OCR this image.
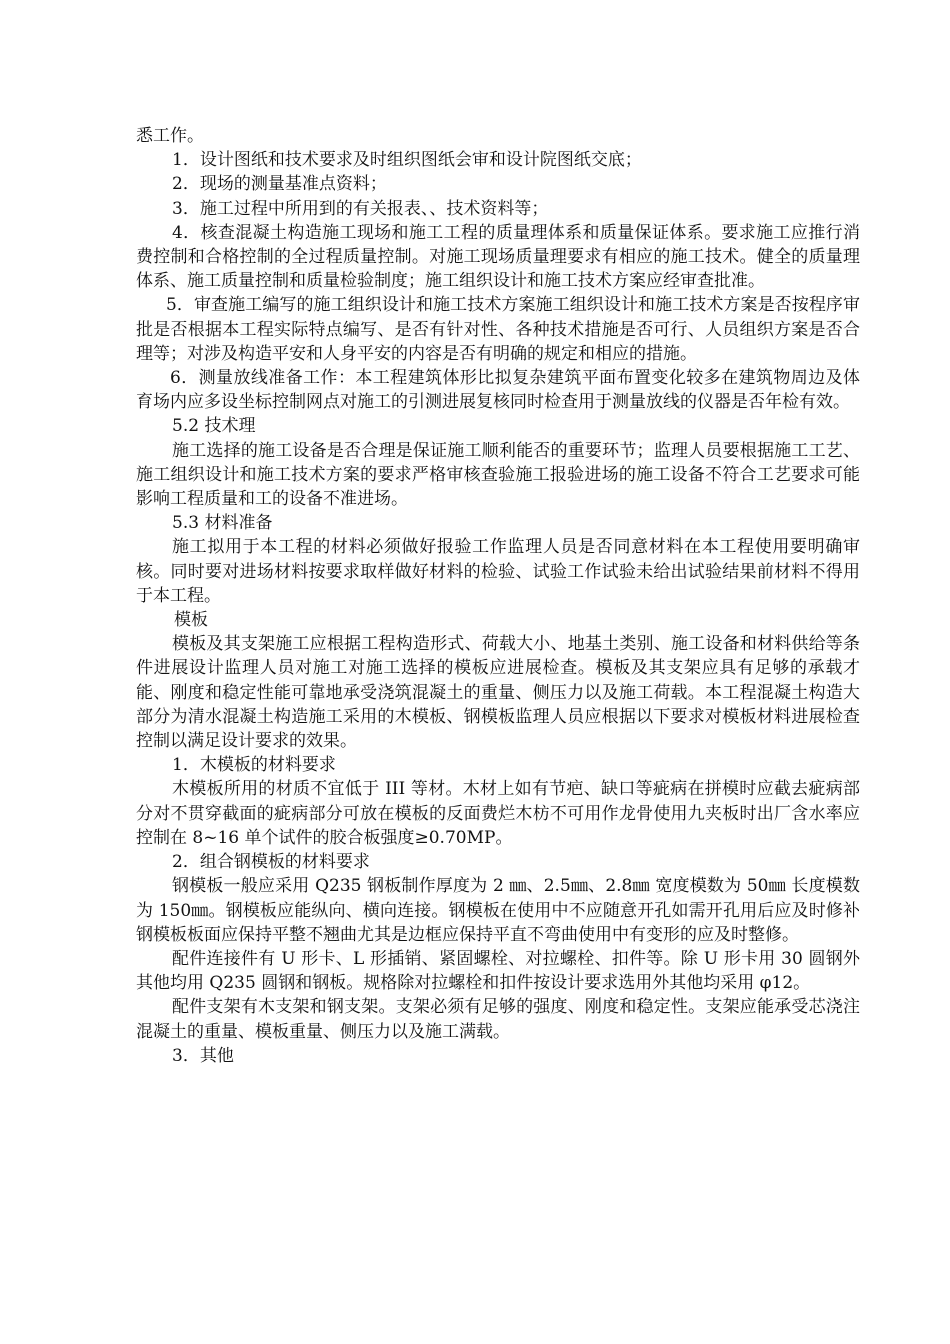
悉工作。

1．设计图纸和技术要求及时组织图纸会审和设计院图纸交底；

2．现场的测量基准点资料；

3．施工过程中所用到的有关报表、、技术资料等；

4．核查混凝土构造施工现场和施工工程的质量理体系和质量保证体系。要求施工应推行消费控制和合格控制的全过程质量控制。对施工现场质量理要求有相应的施工技术。健全的质量理体系、施工质量控制和质量检验制度；施工组织设计和施工技术方案应经审查批准。

5．审查施工编写的施工组织设计和施工技术方案施工组织设计和施工技术方案是否按程序审批是否根据本工程实际特点编写、是否有针对性、各种技术措施是否可行、人员组织方案是否合理等；对涉及构造平安和人身平安的内容是否有明确的规定和相应的措施。

6．测量放线准备工作：本工程建筑体形比拟复杂建筑平面布置变化较多在建筑物周边及体育场内应多设坐标控制网点对施工的引测进展复核同时检查用于测量放线的仪器是否年检有效。

5.2 技术理

施工选择的施工设备是否合理是保证施工顺利能否的重要环节；监理人员要根据施工工艺、施工组织设计和施工技术方案的要求严格审核查验施工报验进场的施工设备不符合工艺要求可能影响工程质量和工的设备不准进场。

5.3 材料准备

施工拟用于本工程的材料必须做好报验工作监理人员是否同意材料在本工程使用要明确审核。同时要对进场材料按要求取样做好材料的检验、试验工作试验未给出试验结果前材料不得用于本工程。

模板

模板及其支架施工应根据工程构造形式、荷载大小、地基土类别、施工设备和材料供给等条件进展设计监理人员对施工对施工选择的模板应进展检查。模板及其支架应具有足够的承载才能、刚度和稳定性能可靠地承受浇筑混凝土的重量、侧压力以及施工荷载。本工程混凝土构造大部分为清水混凝土构造施工采用的木模板、钢模板监理人员应根据以下要求对模板材料进展检查控制以满足设计要求的效果。

1．木模板的材料要求

木模板所用的材质不宜低于 III 等材。木材上如有节疤、缺口等疵病在拼模时应截去疵病部分对不贯穿截面的疵病部分可放在模板的反面费烂木枋不可用作龙骨使用九夹板时出厂含水率应控制在 8~16 单个试件的胶合板强度≥0.70MP。

2．组合钢模板的材料要求

钢模板一般应采用 Q235 钢板制作厚度为 2 ㎜、2.5㎜、2.8㎜ 宽度模数为 50㎜ 长度模数为 150㎜。钢模板应能纵向、横向连接。钢模板在使用中不应随意开孔如需开孔用后应及时修补钢模板板面应保持平整不翘曲尤其是边框应保持平直不弯曲使用中有变形的应及时整修。

配件连接件有 U 形卡、L 形插销、紧固螺栓、对拉螺栓、扣件等。除 U 形卡用 30 圆钢外其他均用 Q235 圆钢和钢板。规格除对拉螺栓和扣件按设计要求选用外其他均采用 φ12。

配件支架有木支架和钢支架。支架必须有足够的强度、刚度和稳定性。支架应能承受芯浇注混凝土的重量、模板重量、侧压力以及施工满载。

3．其他
